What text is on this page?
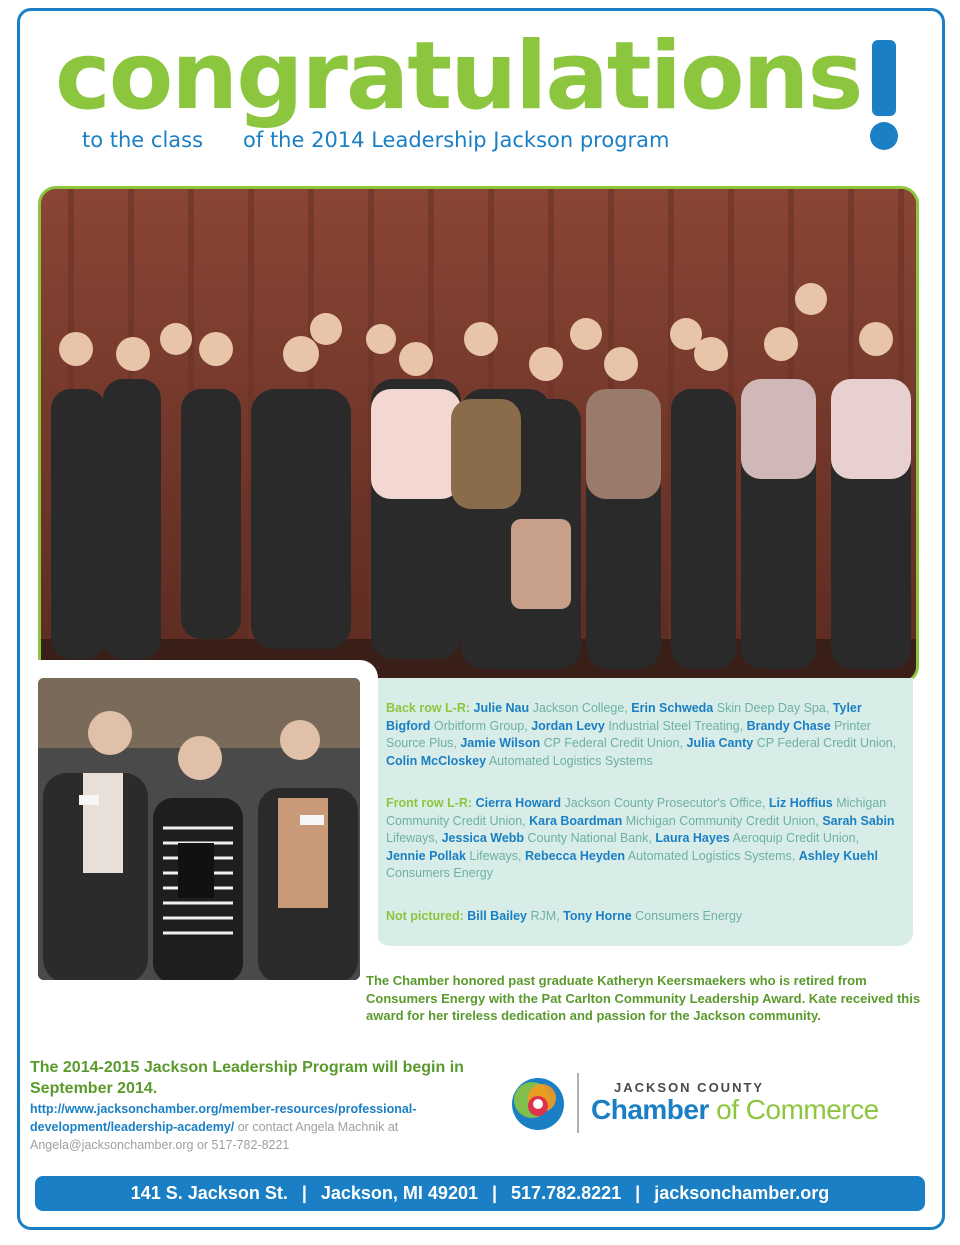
congratulations
to the class of the 2014 Leadership Jackson program
Back row L-R: Julie Nau Jackson College, Erin Schweda Skin Deep Day Spa, Tyler Bigford Orbitform Group, Jordan Levy Industrial Steel Treating, Brandy Chase Printer Source Plus, Jamie Wilson CP Federal Credit Union, Julia Canty CP Federal Credit Union, Colin McCloskey Automated Logistics Systems
Front row L-R: Cierra Howard Jackson County Prosecutor's Office, Liz Hoffius Michigan Community Credit Union, Kara Boardman Michigan Community Credit Union, Sarah Sabin Lifeways, Jessica Webb County National Bank, Laura Hayes Aeroquip Credit Union, Jennie Pollak Lifeways, Rebecca Heyden Automated Logistics Systems, Ashley Kuehl Consumers Energy
Not pictured: Bill Bailey RJM, Tony Horne Consumers Energy
The Chamber honored past graduate Katheryn Keersmaekers who is retired from Consumers Energy with the Pat Carlton Community Leadership Award. Kate received this award for her tireless dedication and passion for the Jackson community.
The 2014-2015 Jackson Leadership Program will begin in September 2014.
http://www.jacksonchamber.org/member-resources/professional-development/leadership-academy/ or contact Angela Machnik at Angela@jacksonchamber.org or 517-782-8221
JACKSON COUNTY
Chamber of Commerce
141 S. Jackson St. | Jackson, MI 49201 | 517.782.8221 | jacksonchamber.org
